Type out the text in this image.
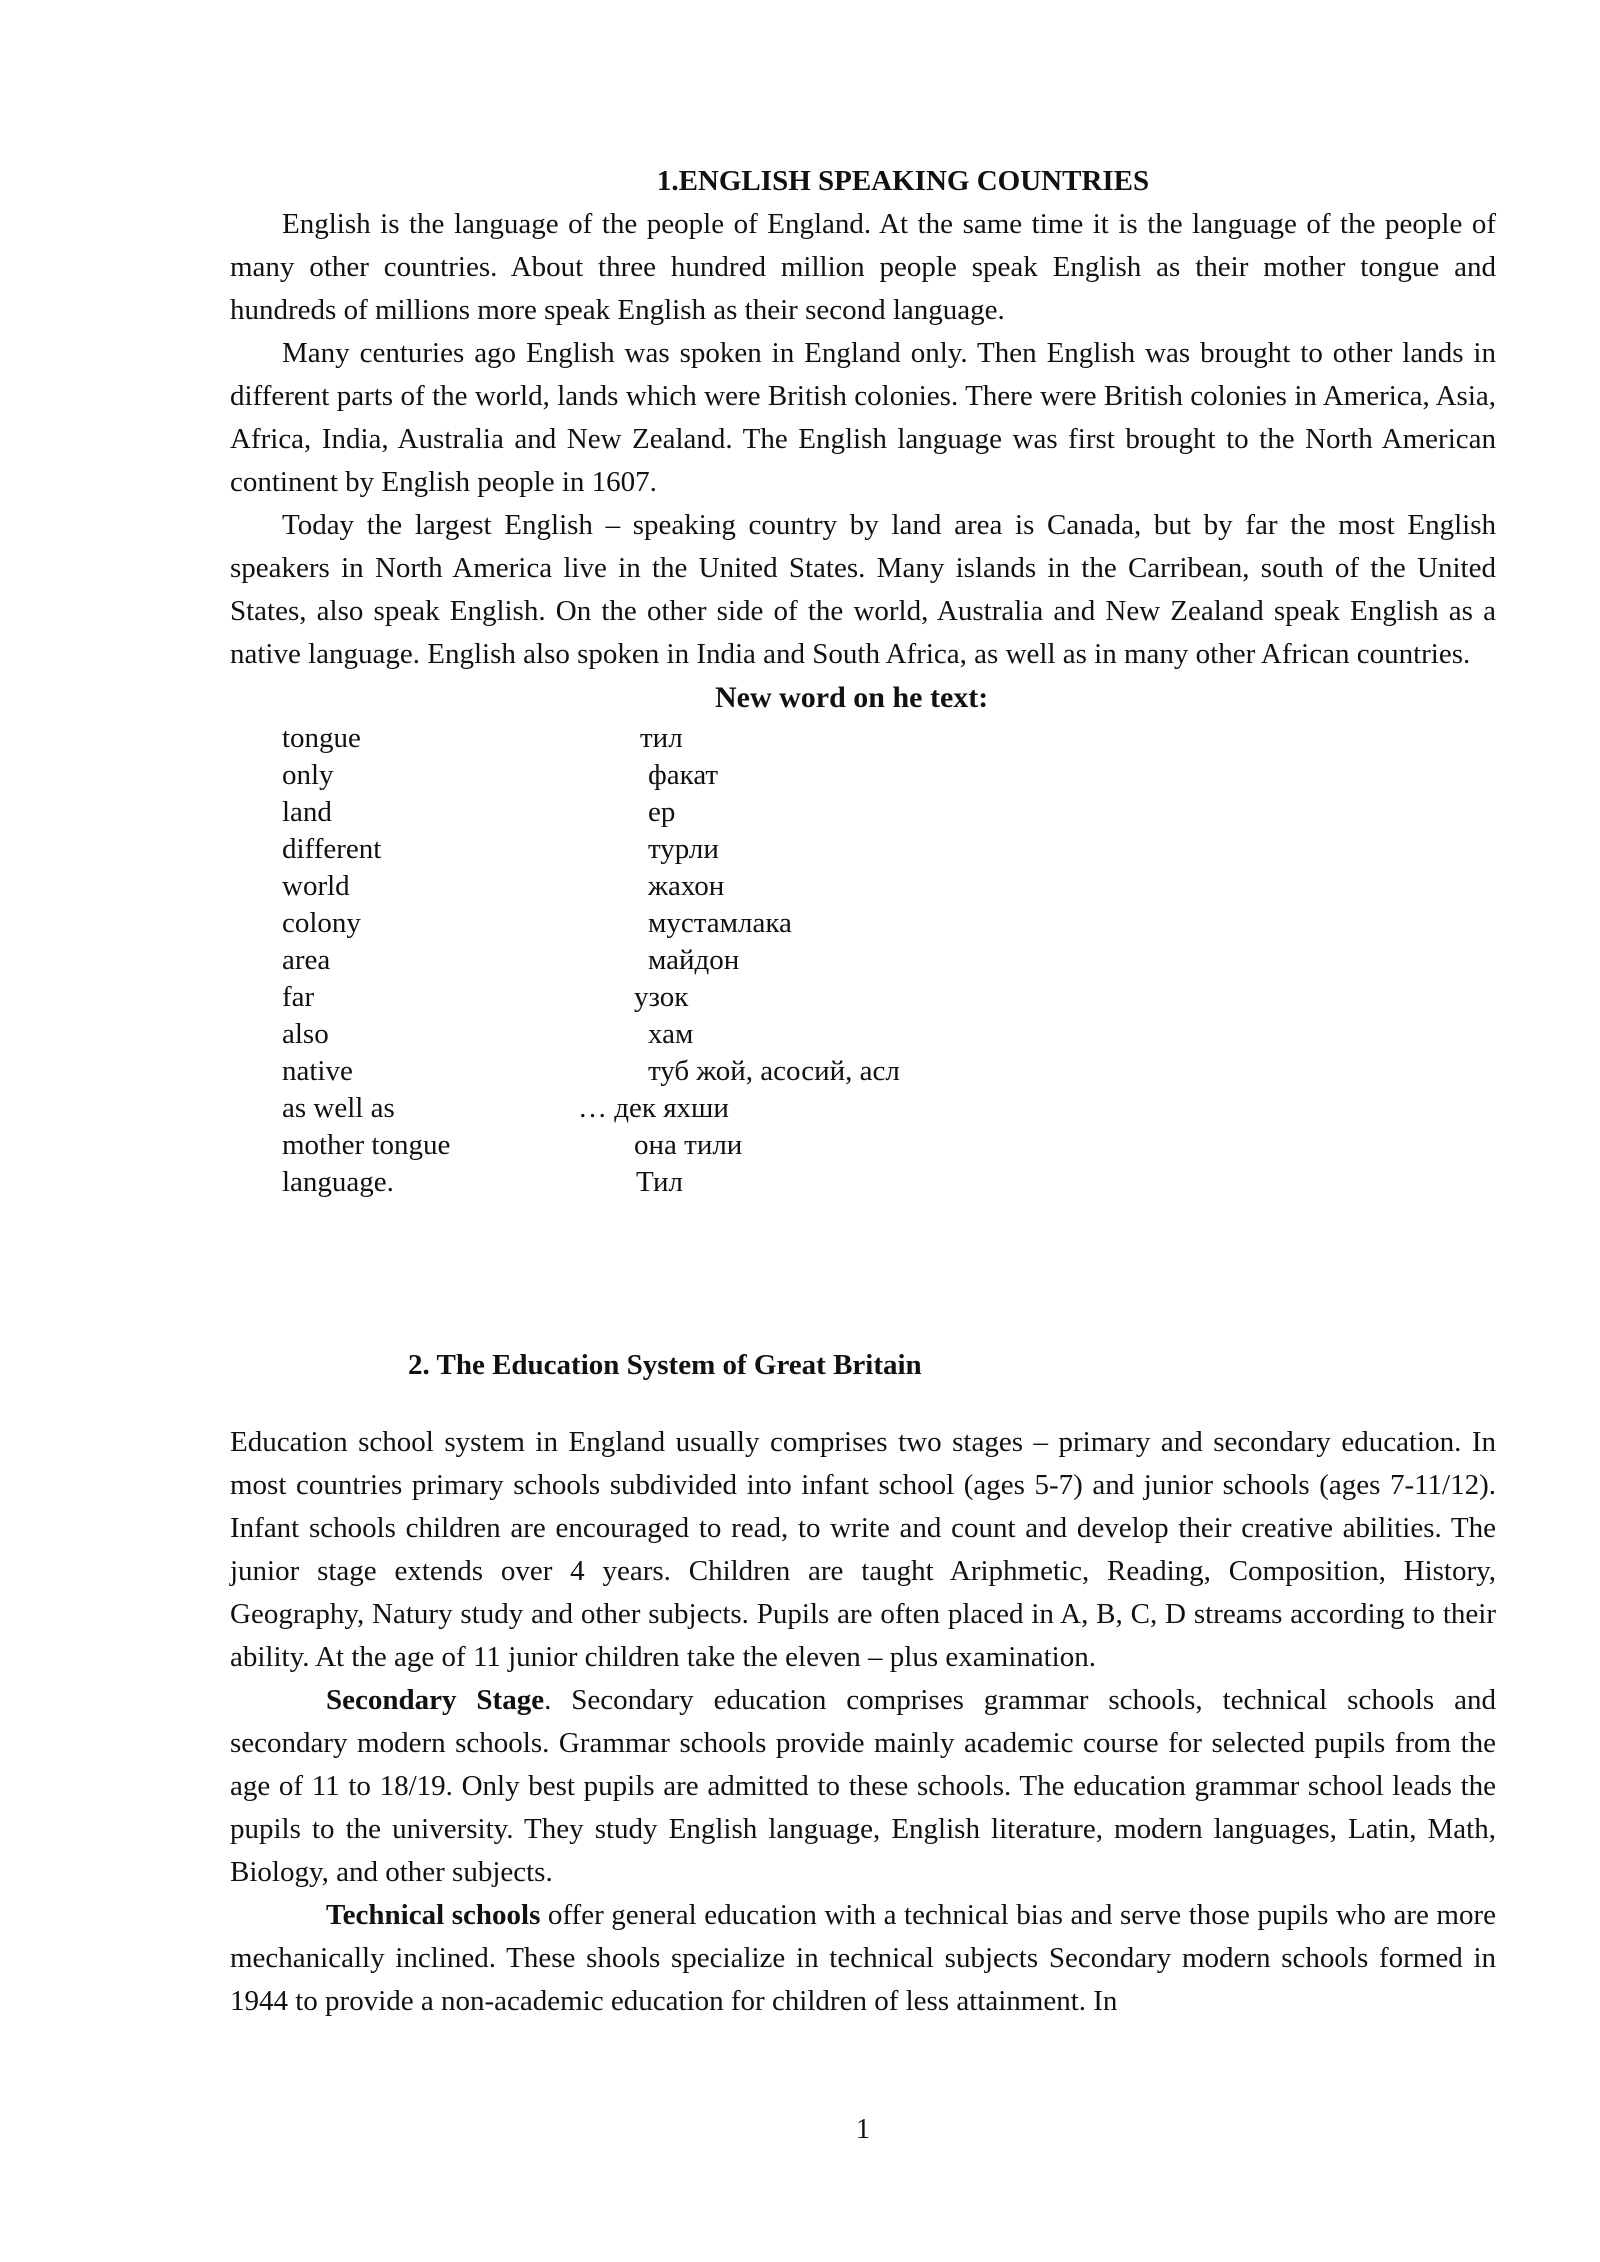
1.ENGLISH SPEAKING COUNTRIES

English is the language of the people of England. At the same time it is the language of the people of many other countries. About three hundred million people speak English as their mother tongue and hundreds of millions more speak English as their second language.

Many centuries ago English was spoken in England only. Then English was brought to other lands in different parts of the world, lands which were British colonies. There were British colonies in America, Asia, Africa, India, Australia and New Zealand. The English language was first brought to the North American continent by English people in 1607.

Today the largest English – speaking country by land area is Canada, but by far the most English speakers in North America live in the United States. Many islands in the Carribean, south of the United States, also speak English. On the other side of the world, Australia and New Zealand speak English as a native language. English also spoken in India and South Africa, as well as in many other African countries.

New word on he text:

tongue	тил
only	факат
land	ер
different	турли
world	жахон
colony	мустамлака
area	майдон
far	узок
also	хам
native	туб жой, асосий, асл
as well as	… дек яхши
mother tongue	она тили
language.	Тил

2. The Education System of Great Britain

Education school system in England usually comprises two stages – primary and secondary education. In most countries primary schools subdivided into infant school (ages 5-7) and junior schools (ages 7-11/12). Infant schools children are encouraged to read, to write and count and develop their creative abilities. The junior stage extends over 4 years. Children are taught Ariphmetic, Reading, Composition, History, Geography, Natury study and other subjects. Pupils are often placed in A, B, C, D streams according to their ability. At the age of 11 junior children take the eleven – plus examination.

Secondary Stage. Secondary education comprises grammar schools, technical schools and secondary modern schools. Grammar schools provide mainly academic course for selected pupils from the age of 11 to 18/19. Only best pupils are admitted to these schools. The education grammar school leads the pupils to the university. They study English language, English literature, modern languages, Latin, Math, Biology, and other subjects.

Technical schools offer general education with a technical bias and serve those pupils who are more mechanically inclined. These shools specialize in technical subjects Secondary modern schools formed in 1944 to provide a non-academic education for children of less attainment. In

1
